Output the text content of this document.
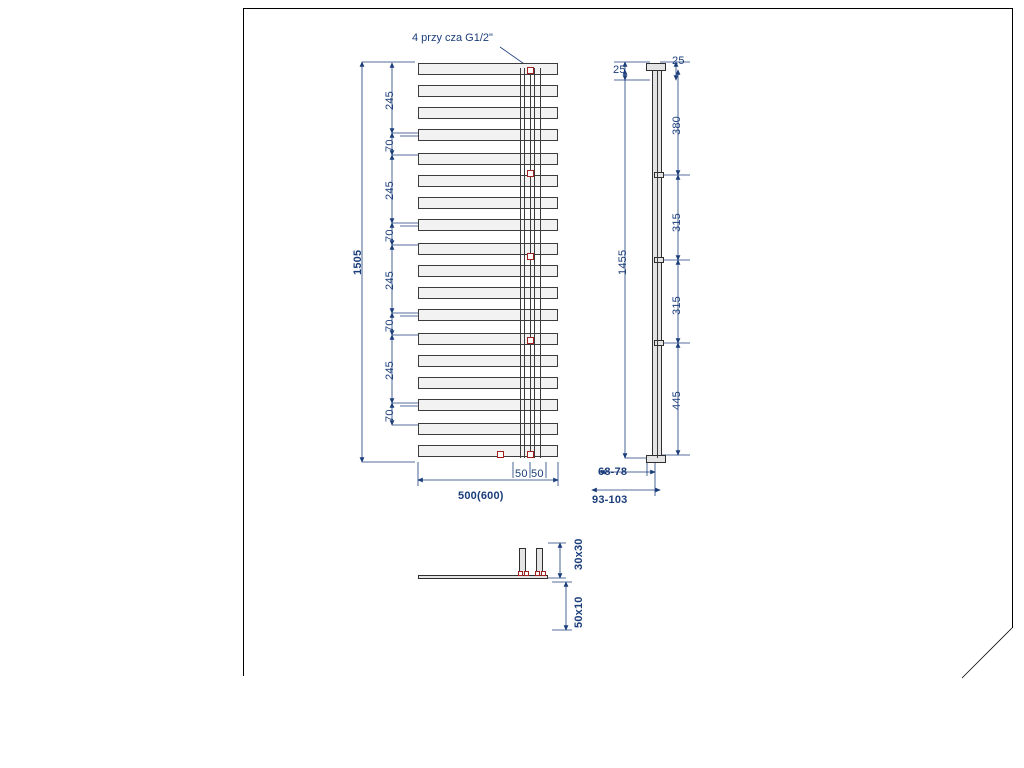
4 przy cza G1/2"
1505
245
70
245
70
245
70
245
70
500(600)
50 50
25
25
1455
380
315
315
445
68-78
93-103
30x30
50x10
